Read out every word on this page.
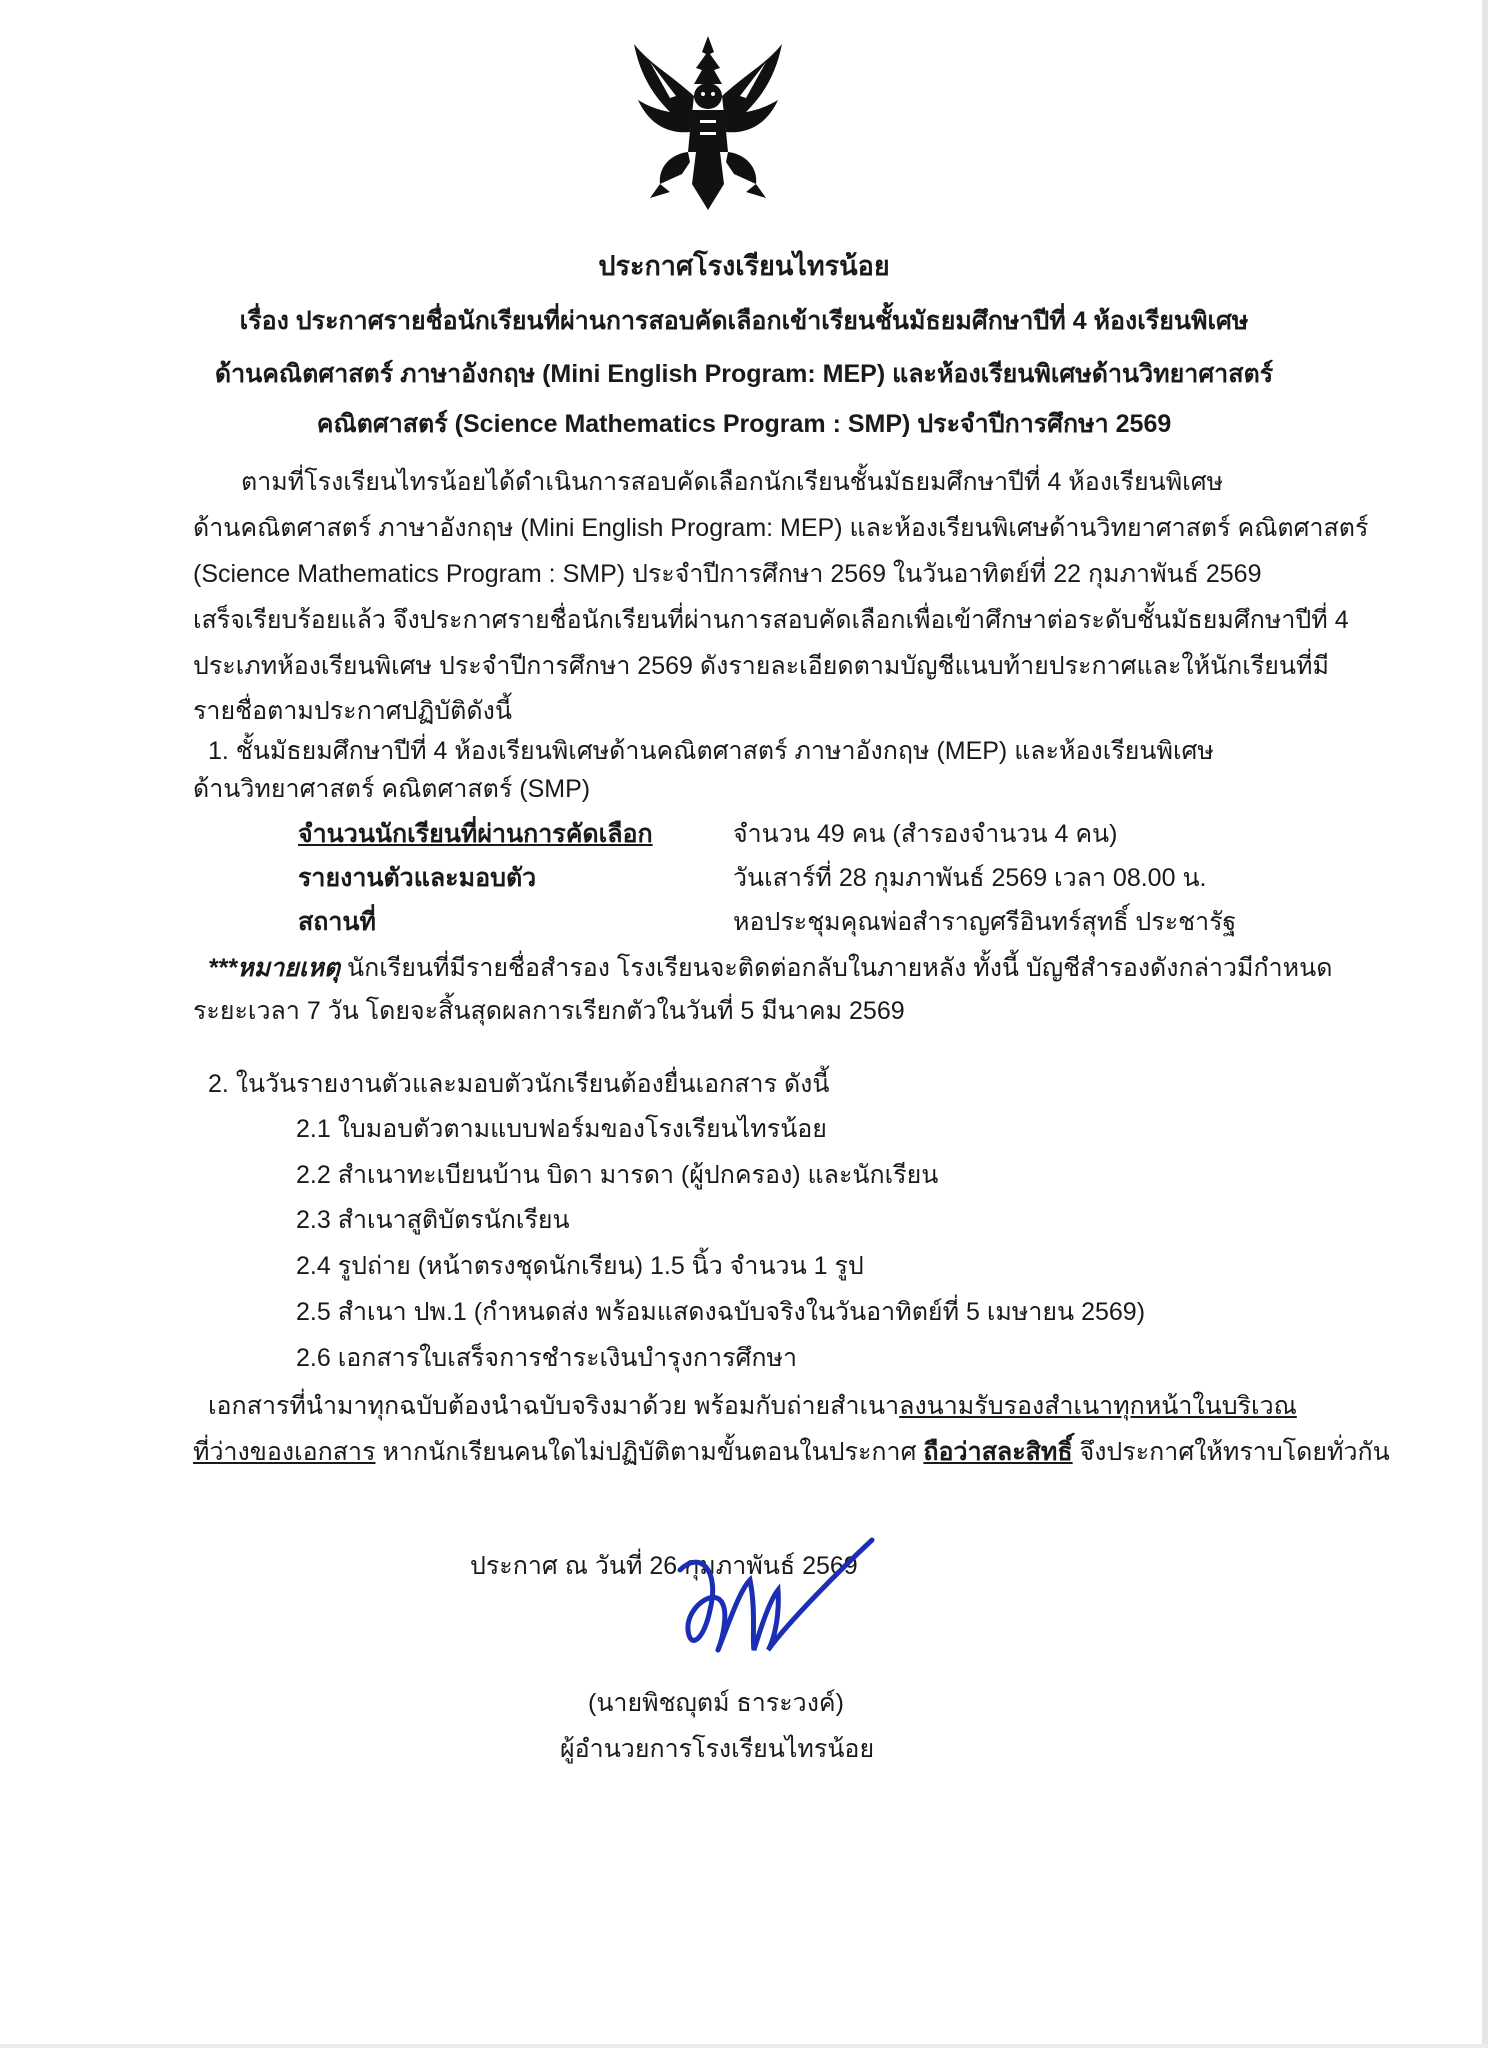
ประกาศโรงเรียนไทรน้อย
เรื่อง ประกาศรายชื่อนักเรียนที่ผ่านการสอบคัดเลือกเข้าเรียนชั้นมัธยมศึกษาปีที่ 4 ห้องเรียนพิเศษ
ด้านคณิตศาสตร์ ภาษาอังกฤษ (Mini English Program: MEP) และห้องเรียนพิเศษด้านวิทยาศาสตร์
คณิตศาสตร์ (Science Mathematics Program : SMP) ประจำปีการศึกษา 2569
ตามที่โรงเรียนไทรน้อยได้ดำเนินการสอบคัดเลือกนักเรียนชั้นมัธยมศึกษาปีที่ 4 ห้องเรียนพิเศษ
ด้านคณิตศาสตร์ ภาษาอังกฤษ (Mini English Program: MEP) และห้องเรียนพิเศษด้านวิทยาศาสตร์ คณิตศาสตร์
(Science Mathematics Program : SMP) ประจำปีการศึกษา 2569 ในวันอาทิตย์ที่ 22 กุมภาพันธ์ 2569
เสร็จเรียบร้อยแล้ว จึงประกาศรายชื่อนักเรียนที่ผ่านการสอบคัดเลือกเพื่อเข้าศึกษาต่อระดับชั้นมัธยมศึกษาปีที่ 4
ประเภทห้องเรียนพิเศษ ประจำปีการศึกษา 2569 ดังรายละเอียดตามบัญชีแนบท้ายประกาศและให้นักเรียนที่มี
รายชื่อตามประกาศปฏิบัติดังนี้
1. ชั้นมัธยมศึกษาปีที่ 4 ห้องเรียนพิเศษด้านคณิตศาสตร์ ภาษาอังกฤษ (MEP) และห้องเรียนพิเศษ
ด้านวิทยาศาสตร์ คณิตศาสตร์ (SMP)
จำนวนนักเรียนที่ผ่านการคัดเลือก	จำนวน 49 คน (สำรองจำนวน 4 คน)
รายงานตัวและมอบตัว	วันเสาร์ที่ 28 กุมภาพันธ์ 2569 เวลา 08.00 น.
สถานที่	หอประชุมคุณพ่อสำราญศรีอินทร์สุทธิ์ ประชารัฐ
***หมายเหตุ นักเรียนที่มีรายชื่อสำรอง โรงเรียนจะติดต่อกลับในภายหลัง ทั้งนี้ บัญชีสำรองดังกล่าวมีกำหนด
ระยะเวลา 7 วัน โดยจะสิ้นสุดผลการเรียกตัวในวันที่ 5 มีนาคม 2569
2. ในวันรายงานตัวและมอบตัวนักเรียนต้องยื่นเอกสาร ดังนี้
2.1 ใบมอบตัวตามแบบฟอร์มของโรงเรียนไทรน้อย
2.2 สำเนาทะเบียนบ้าน บิดา มารดา (ผู้ปกครอง) และนักเรียน
2.3 สำเนาสูติบัตรนักเรียน
2.4 รูปถ่าย (หน้าตรงชุดนักเรียน) 1.5 นิ้ว จำนวน 1 รูป
2.5 สำเนา ปพ.1 (กำหนดส่ง พร้อมแสดงฉบับจริงในวันอาทิตย์ที่ 5 เมษายน 2569)
2.6 เอกสารใบเสร็จการชำระเงินบำรุงการศึกษา
เอกสารที่นำมาทุกฉบับต้องนำฉบับจริงมาด้วย พร้อมกับถ่ายสำเนาลงนามรับรองสำเนาทุกหน้าในบริเวณ
ที่ว่างของเอกสาร หากนักเรียนคนใดไม่ปฏิบัติตามขั้นตอนในประกาศ ถือว่าสละสิทธิ์ จึงประกาศให้ทราบโดยทั่วกัน
ประกาศ ณ วันที่ 26 กุมภาพันธ์ 2569
(นายพิชญุตม์ ธาระวงค์)
ผู้อำนวยการโรงเรียนไทรน้อย
